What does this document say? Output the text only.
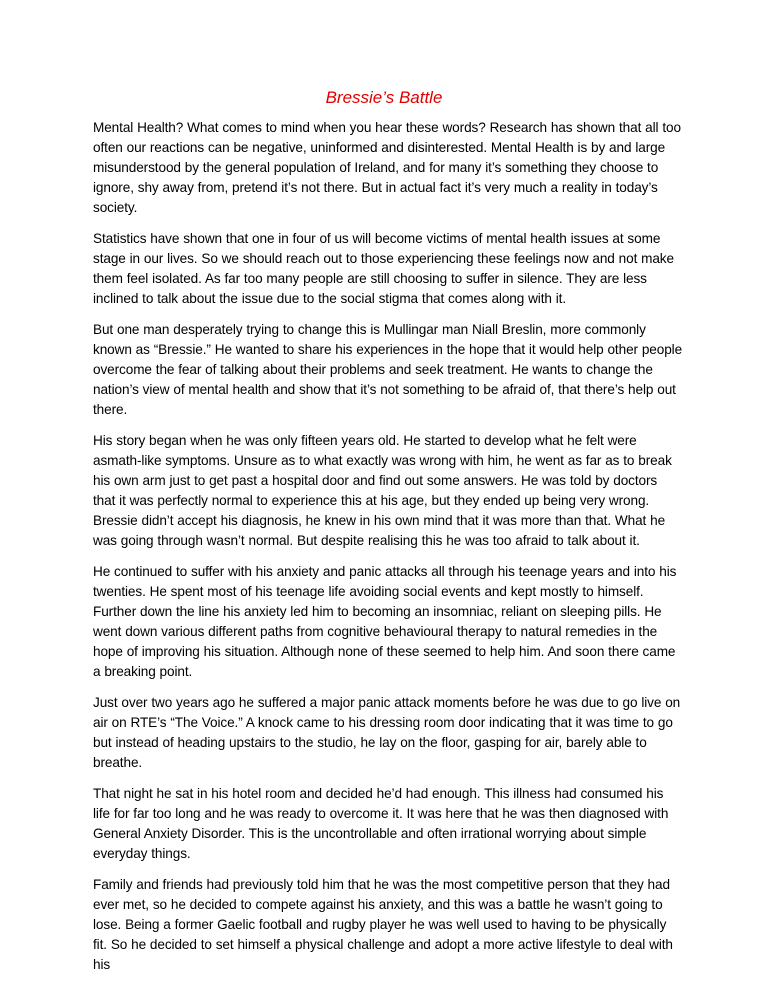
Bressie’s Battle

Mental Health? What comes to mind when you hear these words? Research has shown that all too often our reactions can be negative, uninformed and disinterested. Mental Health is by and large misunderstood by the general population of Ireland, and for many it’s something they choose to ignore, shy away from, pretend it’s not there. But in actual fact it’s very much a reality in today’s society.

Statistics have shown that one in four of us will become victims of mental health issues at some stage in our lives. So we should reach out to those experiencing these feelings now and not make them feel isolated. As far too many people are still choosing to suffer in silence. They are less inclined to talk about the issue due to the social stigma that comes along with it.

But one man desperately trying to change this is Mullingar man Niall Breslin, more commonly known as “Bressie.” He wanted to share his experiences in the hope that it would help other people overcome the fear of talking about their problems and seek treatment. He wants to change the nation’s view of mental health and show that it’s not something to be afraid of, that there’s help out there.

His story began when he was only fifteen years old. He started to develop what he felt were asmath-like symptoms. Unsure as to what exactly was wrong with him, he went as far as to break his own arm just to get past a hospital door and find out some answers. He was told by doctors that it was perfectly normal to experience this at his age, but they ended up being very wrong. Bressie didn’t accept his diagnosis, he knew in his own mind that it was more than that. What he was going through wasn’t normal. But despite realising this he was too afraid to talk about it.

He continued to suffer with his anxiety and panic attacks all through his teenage years and into his twenties. He spent most of his teenage life avoiding social events and kept mostly to himself. Further down the line his anxiety led him to becoming an insomniac, reliant on sleeping pills. He went down various different paths from cognitive behavioural therapy to natural remedies in the hope of improving his situation. Although none of these seemed to help him. And soon there came a breaking point.

Just over two years ago he suffered a major panic attack moments before he was due to go live on air on RTE’s “The Voice.” A knock came to his dressing room door indicating that it was time to go but instead of heading upstairs to the studio, he lay on the floor, gasping for air, barely able to breathe.

That night he sat in his hotel room and decided he’d had enough. This illness had consumed his life for far too long and he was ready to overcome it. It was here that he was then diagnosed with General Anxiety Disorder. This is the uncontrollable and often irrational worrying about simple everyday things.

Family and friends had previously told him that he was the most competitive person that they had ever met, so he decided to compete against his anxiety, and this was a battle he wasn’t going to lose. Being a former Gaelic football and rugby player he was well used to having to be physically fit. So he decided to set himself a physical challenge and adopt a more active lifestyle to deal with his
